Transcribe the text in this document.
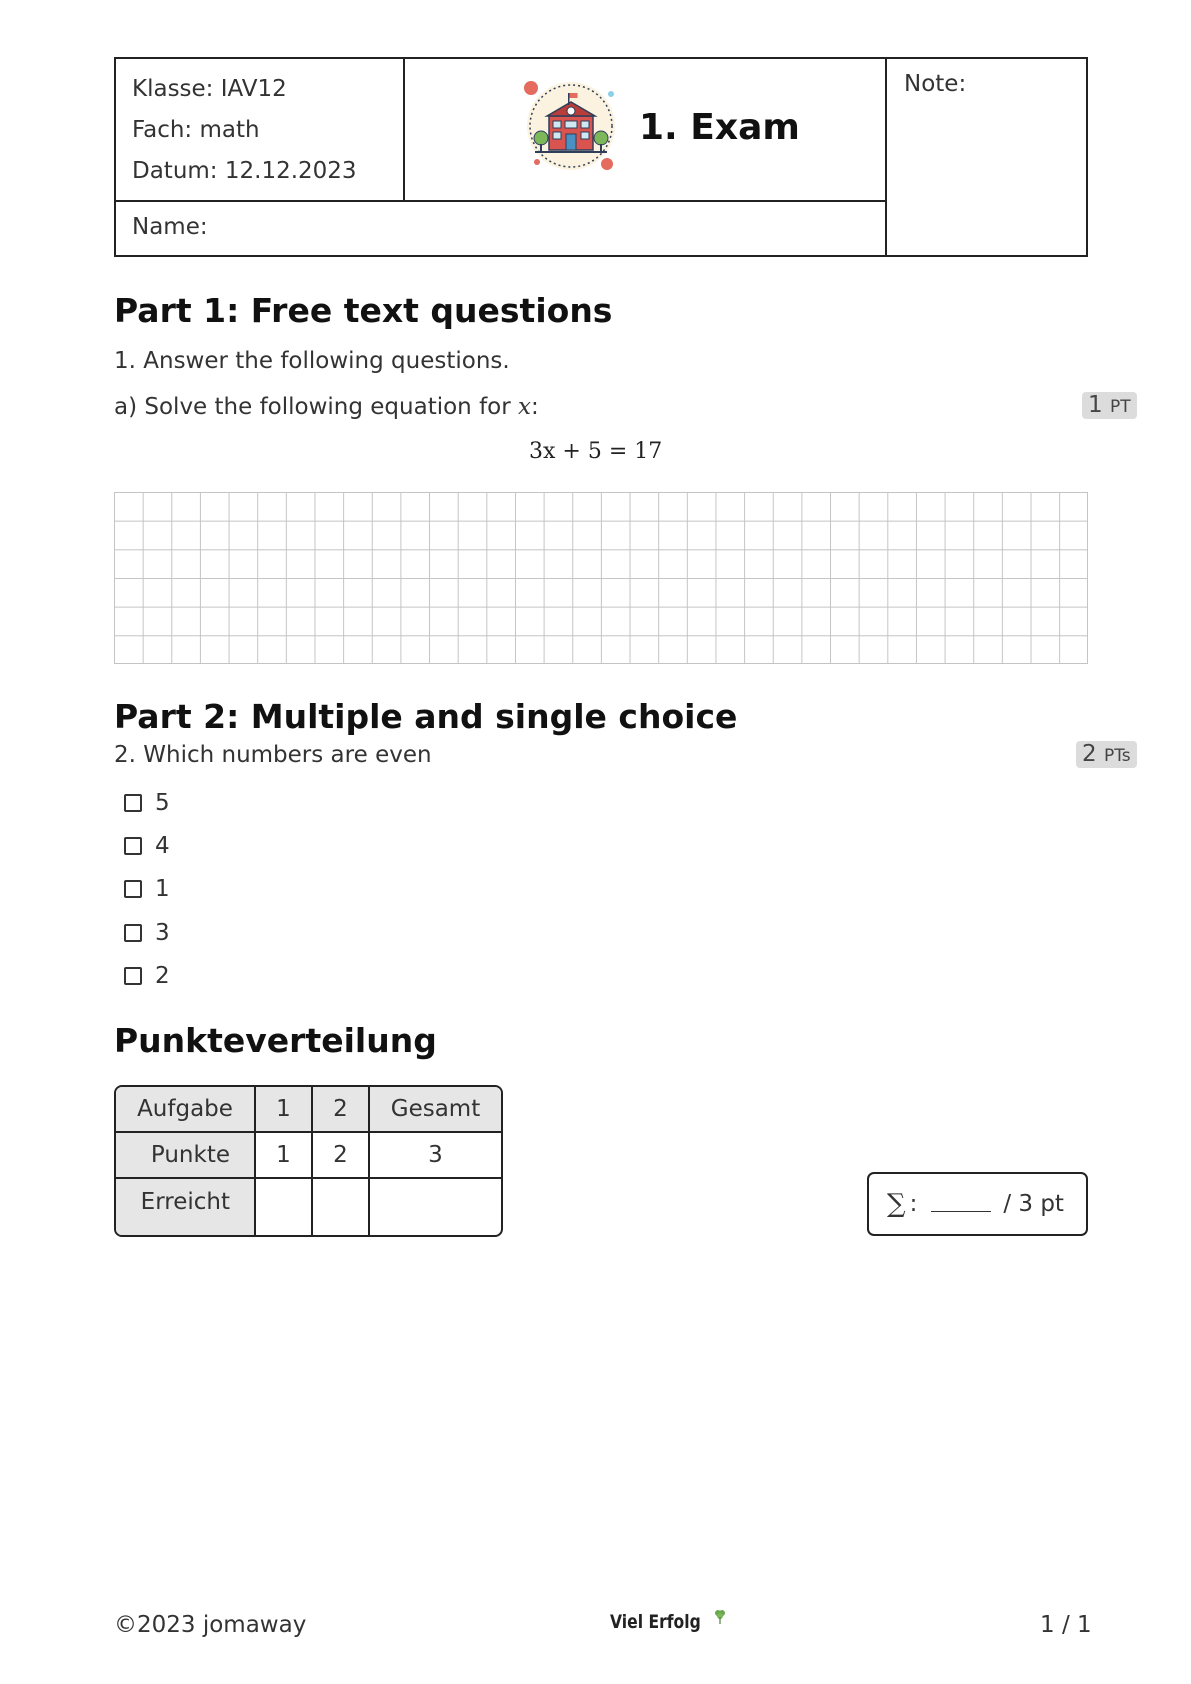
Klasse: IAV12
Fach: math
Datum: 12.12.2023
Name:
Note:
1. Exam
Part 1: Free text questions
1. Answer the following questions.
a) Solve the following equation for x:	1 PT
3x + 5 = 17
Part 2: Multiple and single choice
2. Which numbers are even	2 PTs
5
4
1
3
2
Punkteverteilung
Aufgabe	1	2	Gesamt
Punkte	1	2	3
Erreicht				∑ :	/ 3 pt
©2023 jomaway	Viel Erfolg	1 / 1
